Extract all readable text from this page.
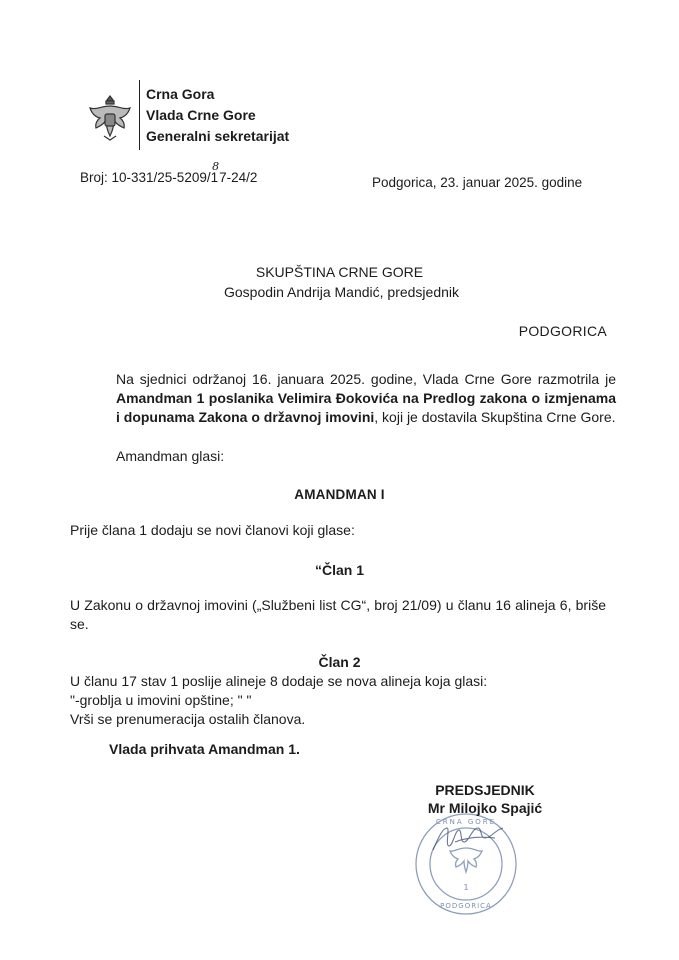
Crna Gora
Vlada Crne Gore
Generalni sekretarijat
Broj: $10-331/25-5209/1^87-24/2$	Podgorica, 23. januar 2025. godine
SKUPŠTINA CRNE GORE
Gospodin Andrija Mandić, predsjednik
PODGORICA
Na sjednici održanoj 16. januara 2025. godine, Vlada Crne Gore razmotrila je Amandman 1 poslanika Velimira Đokovića na Predlog zakona o izmjenama i dopunama Zakona o državnoj imovini, koji je dostavila Skupština Crne Gore.
Amandman glasi:
AMANDMAN I
Prije člana 1 dodaju se novi članovi koji glase:
“Član 1
U Zakonu o državnoj imovini („Službeni list CG“, broj 21/09) u članu 16 alineja 6, briše se.
Član 2
U članu 17 stav 1 poslije alineje 8 dodaje se nova alineja koja glasi:
"-groblja u imovini opštine; " "
Vrši se prenumeracija ostalih članova.
Vlada prihvata Amandman 1.
1
CRNA GORE
PODGORICA
PREDSJEDNIK
Mr Milojko Spajić
